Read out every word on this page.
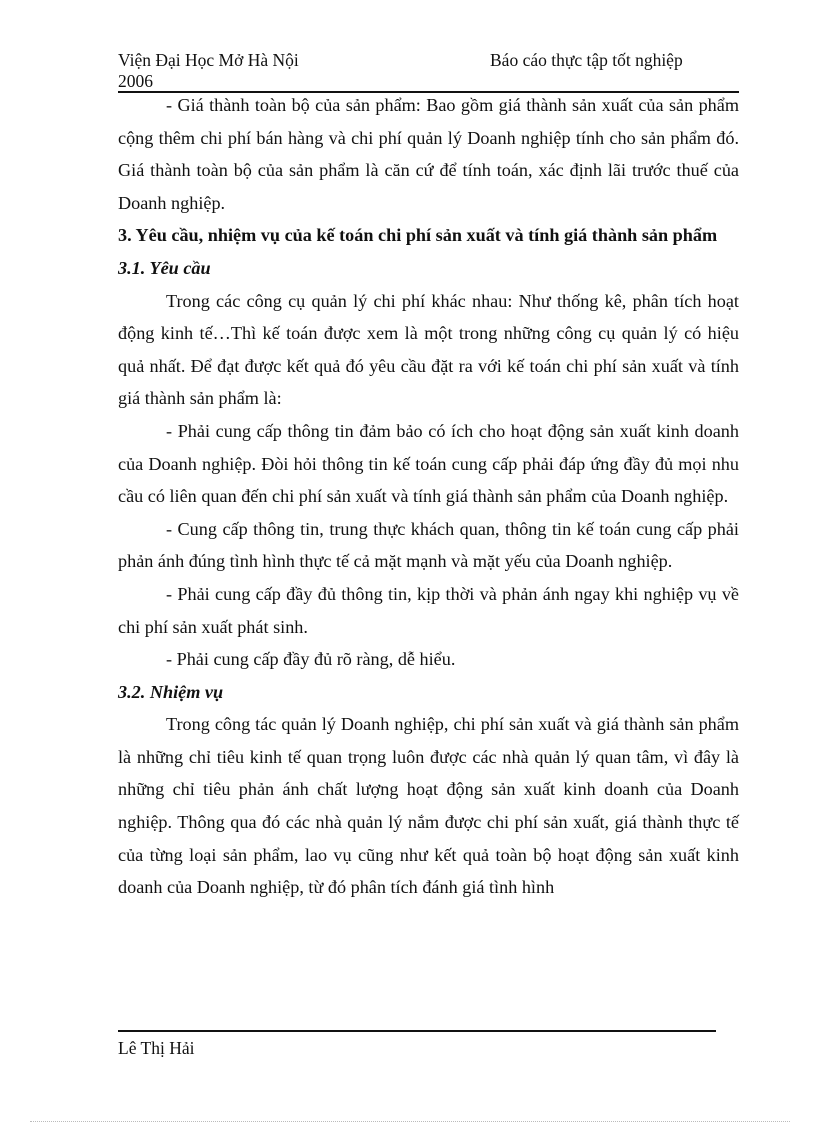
Viện Đại Học Mở Hà Nội
2006
Báo cáo thực tập tốt nghiệp

- Giá thành toàn bộ của sản phẩm: Bao gồm giá thành sản xuất của sản phẩm cộng thêm chi phí bán hàng và chi phí quản lý Doanh nghiệp tính cho sản phẩm đó. Giá thành toàn bộ của sản phẩm là căn cứ để tính toán, xác định lãi trước thuế của Doanh nghiệp.

3. Yêu cầu, nhiệm vụ của kế toán chi phí sản xuất và tính giá thành sản phẩm

3.1. Yêu cầu

Trong các công cụ quản lý chi phí khác nhau: Như thống kê, phân tích hoạt động kinh tế…Thì kế toán được xem là một trong những công cụ quản lý có hiệu quả nhất. Để đạt được kết quả đó yêu cầu đặt ra với kế toán chi phí sản xuất và tính giá thành sản phẩm là:

- Phải cung cấp thông tin đảm bảo có ích cho hoạt động sản xuất kinh doanh của Doanh nghiệp. Đòi hỏi thông tin kế toán cung cấp phải đáp ứng đầy đủ mọi nhu cầu có liên quan đến chi phí sản xuất và tính giá thành sản phẩm của Doanh nghiệp.

- Cung cấp thông tin, trung thực khách quan, thông tin kế toán cung cấp phải phản ánh đúng tình hình thực tế cả mặt mạnh và mặt yếu của Doanh nghiệp.

- Phải cung cấp đầy đủ thông tin, kịp thời và phản ánh ngay khi nghiệp vụ về chi phí sản xuất phát sinh.

- Phải cung cấp đầy đủ rõ ràng, dễ hiểu.

3.2. Nhiệm vụ

Trong công tác quản lý Doanh nghiệp, chi phí sản xuất và giá thành sản phẩm là những chỉ tiêu kinh tế quan trọng luôn được các nhà quản lý quan tâm, vì đây là những chỉ tiêu phản ánh chất lượng hoạt động sản xuất kinh doanh của Doanh nghiệp. Thông qua đó các nhà quản lý nắm được chi phí sản xuất, giá thành thực tế của từng loại sản phẩm, lao vụ cũng như kết quả toàn bộ hoạt động sản xuất kinh doanh của Doanh nghiệp, từ đó phân tích đánh giá tình hình

Lê Thị Hải
